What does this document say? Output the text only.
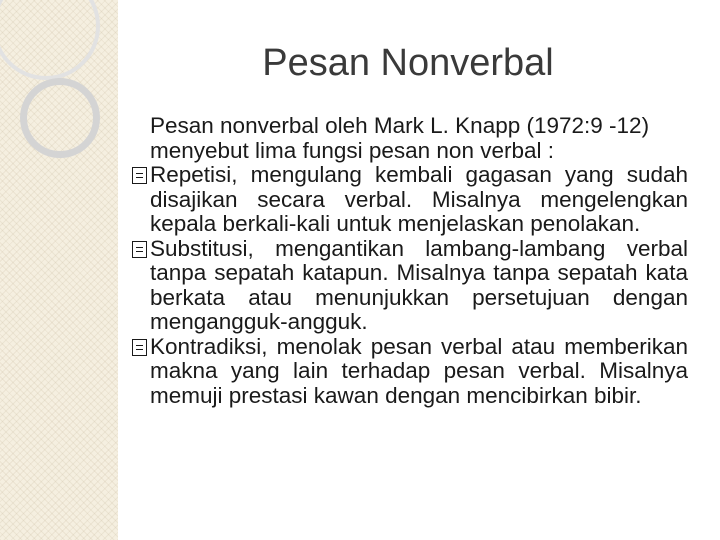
Pesan Nonverbal

Pesan nonverbal oleh Mark L. Knapp (1972:9 -12) menyebut lima fungsi pesan non verbal :

Repetisi, mengulang kembali gagasan yang sudah disajikan secara verbal. Misalnya mengelengkan kepala berkali-kali untuk menjelaskan penolakan.

Substitusi, mengantikan lambang-lambang verbal tanpa sepatah katapun. Misalnya tanpa sepatah kata berkata atau menunjukkan persetujuan dengan mengangguk-angguk.

Kontradiksi, menolak pesan verbal atau memberikan makna yang lain terhadap pesan verbal. Misalnya memuji prestasi kawan dengan mencibirkan bibir.
